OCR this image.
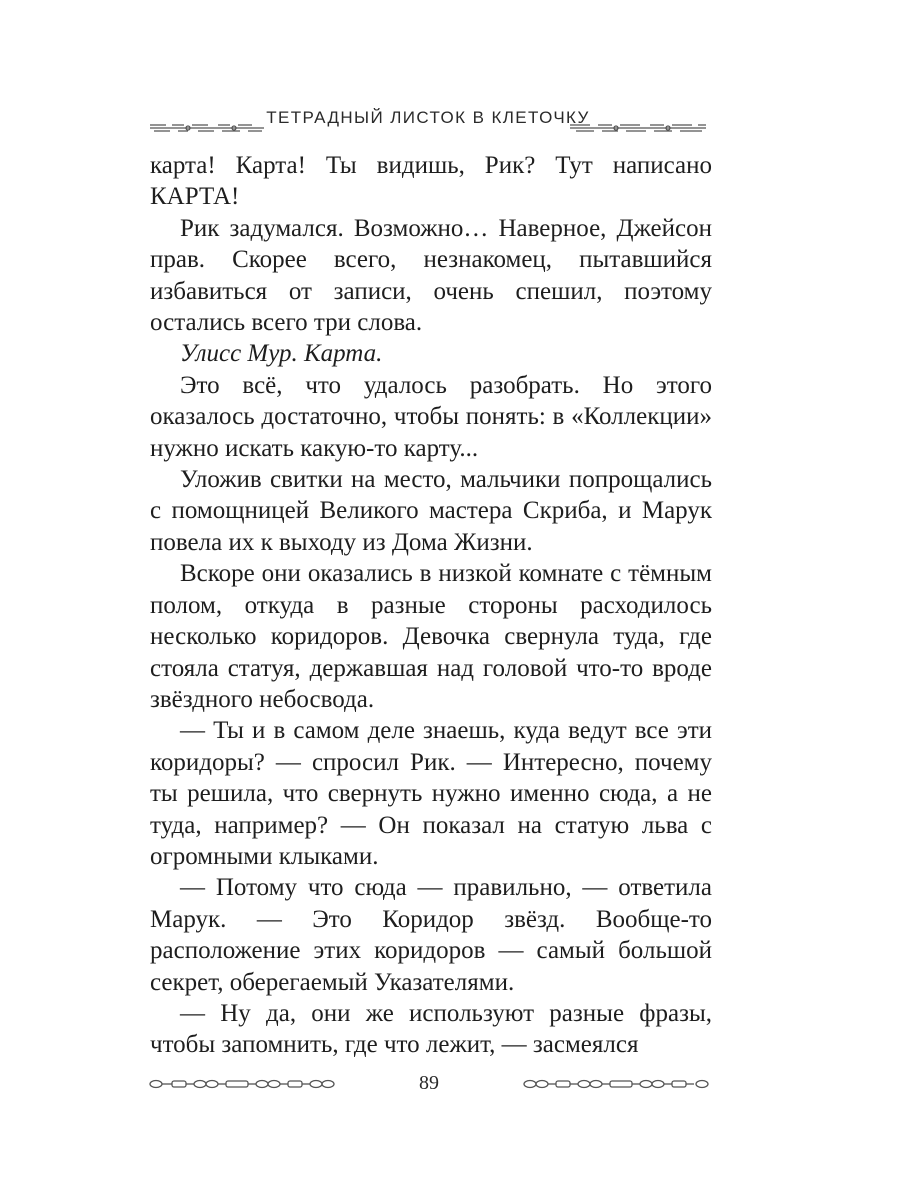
ТЕТРАДНЫЙ ЛИСТОК В КЛЕТОЧКУ

карта! Карта! Ты видишь, Рик? Тут написано КАРТА!

Рик задумался. Возможно… Наверное, Джейсон прав. Скорее всего, незнакомец, пытавшийся избавиться от записи, очень спешил, поэтому остались всего три слова.

Улисс Мур. Карта.

Это всё, что удалось разобрать. Но этого оказалось достаточно, чтобы понять: в «Коллекции» нужно искать какую-то карту...

Уложив свитки на место, мальчики попрощались с помощницей Великого мастера Скриба, и Марук повела их к выходу из Дома Жизни.

Вскоре они оказались в низкой комнате с тёмным полом, откуда в разные стороны расходилось несколько коридоров. Девочка свернула туда, где стояла статуя, державшая над головой что-то вроде звёздного небосвода.

— Ты и в самом деле знаешь, куда ведут все эти коридоры? — спросил Рик. — Интересно, почему ты решила, что свернуть нужно именно сюда, а не туда, например? — Он показал на статую льва с огромными клыками.

— Потому что сюда — правильно, — ответила Марук. — Это Коридор звёзд. Вообще-то расположение этих коридоров — самый большой секрет, оберегаемый Указателями.

— Ну да, они же используют разные фразы, чтобы запомнить, где что лежит, — засмеялся

89
